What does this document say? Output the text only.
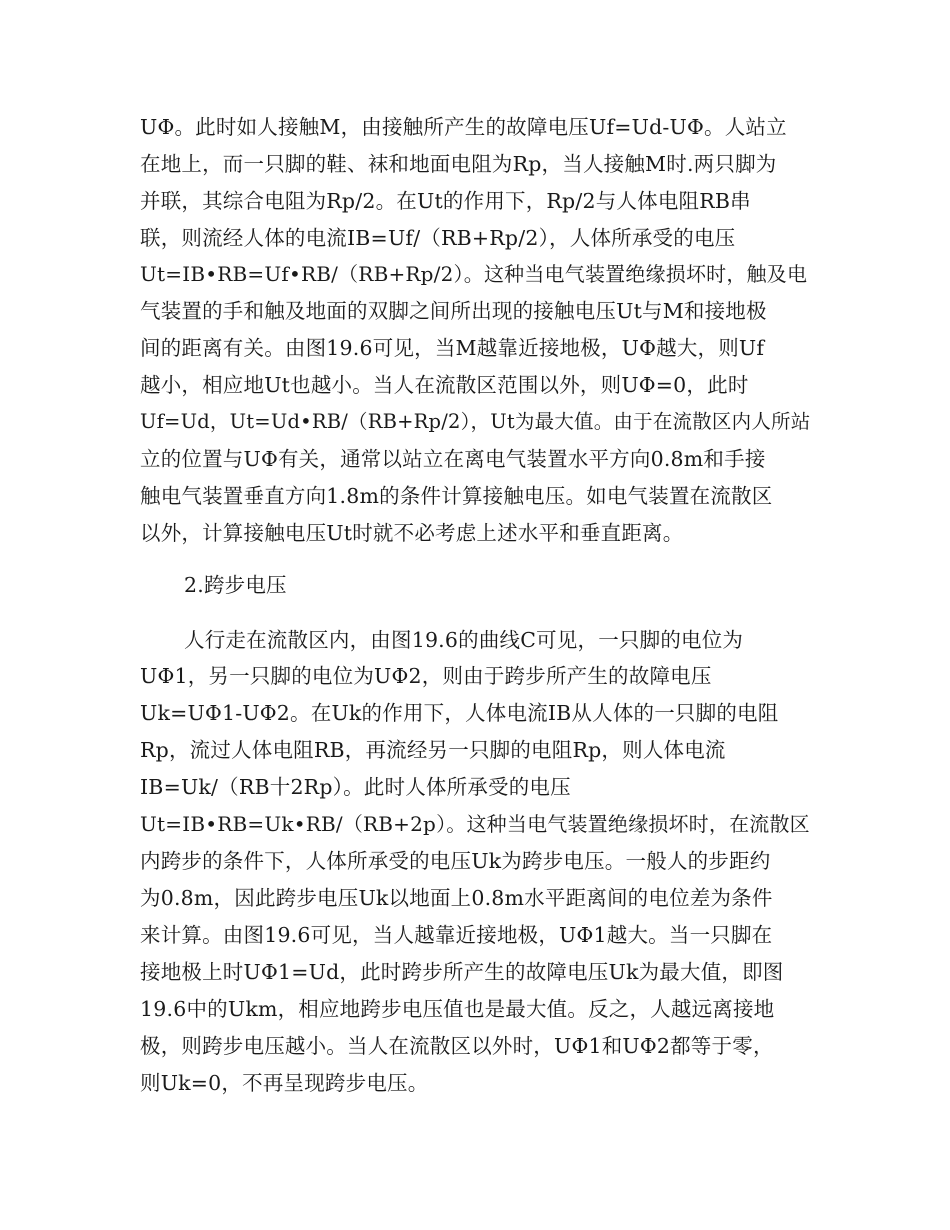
UΦ。此时如人接触M，由接触所产生的故障电压Uf=Ud-UΦ。人站立
在地上，而一只脚的鞋、袜和地面电阻为Rp，当人接触M时.两只脚为
并联，其综合电阻为Rp/2。在Ut的作用下，Rp/2与人体电阻RB串
联，则流经人体的电流IB=Uf/（RB+Rp/2），人体所承受的电压
Ut=IB•RB=Uf•RB/（RB+Rp/2）。这种当电气装置绝缘损坏时，触及电
气装置的手和触及地面的双脚之间所出现的接触电压Ut与M和接地极
间的距离有关。由图19.6可见，当M越靠近接地极，UΦ越大，则Uf
越小，相应地Ut也越小。当人在流散区范围以外，则UΦ=0，此时
Uf=Ud，Ut=Ud•RB/（RB+Rp/2），Ut为最大值。由于在流散区内人所站
立的位置与UΦ有关，通常以站立在离电气装置水平方向0.8m和手接
触电气装置垂直方向1.8m的条件计算接触电压。如电气装置在流散区
以外，计算接触电压Ut时就不必考虑上述水平和垂直距离。
2.跨步电压
人行走在流散区内，由图19.6的曲线C可见，一只脚的电位为
UΦ1，另一只脚的电位为UΦ2，则由于跨步所产生的故障电压
Uk=UΦ1-UΦ2。在Uk的作用下，人体电流IB从人体的一只脚的电阻
Rp，流过人体电阻RB，再流经另一只脚的电阻Rp，则人体电流
IB=Uk/（RB十2Rp）。此时人体所承受的电压
Ut=IB•RB=Uk•RB/（RB+2p）。这种当电气装置绝缘损坏时，在流散区
内跨步的条件下，人体所承受的电压Uk为跨步电压。一般人的步距约
为0.8m，因此跨步电压Uk以地面上0.8m水平距离间的电位差为条件
来计算。由图19.6可见，当人越靠近接地极，UΦ1越大。当一只脚在
接地极上时UΦ1=Ud，此时跨步所产生的故障电压Uk为最大值，即图
19.6中的Ukm，相应地跨步电压值也是最大值。反之，人越远离接地
极，则跨步电压越小。当人在流散区以外时，UΦ1和UΦ2都等于零，
则Uk=0，不再呈现跨步电压。
